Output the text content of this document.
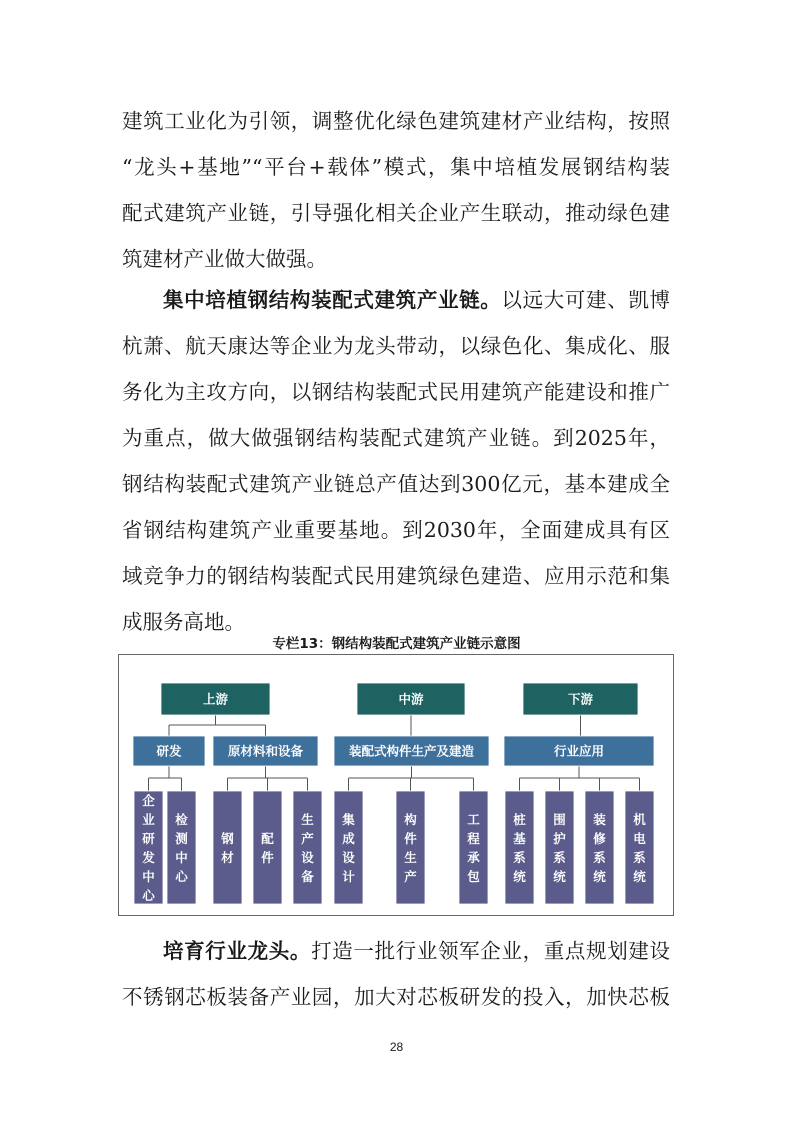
建筑工业化为引领，调整优化绿色建筑建材产业结构，按照
“龙头+基地”“平台+载体”模式，集中培植发展钢结构装
配式建筑产业链，引导强化相关企业产生联动，推动绿色建
筑建材产业做大做强。
集中培植钢结构装配式建筑产业链。以远大可建、凯博
杭萧、航天康达等企业为龙头带动，以绿色化、集成化、服
务化为主攻方向，以钢结构装配式民用建筑产能建设和推广
为重点，做大做强钢结构装配式建筑产业链。到2025年，
钢结构装配式建筑产业链总产值达到300亿元，基本建成全
省钢结构建筑产业重要基地。到2030年，全面建成具有区
域竞争力的钢结构装配式民用建筑绿色建造、应用示范和集
成服务高地。
专栏13：钢结构装配式建筑产业链示意图
上游	中游	下游
研发	原材料和设备	装配式构件生产及建造	行业应用
企业研发中心
检测中心
钢材
配件
生产设备
集成设计
构件生产
工程承包
桩基系统
围护系统
装修系统
机电系统
培育行业龙头。打造一批行业领军企业，重点规划建设
不锈钢芯板装备产业园，加大对芯板研发的投入，加快芯板
28
